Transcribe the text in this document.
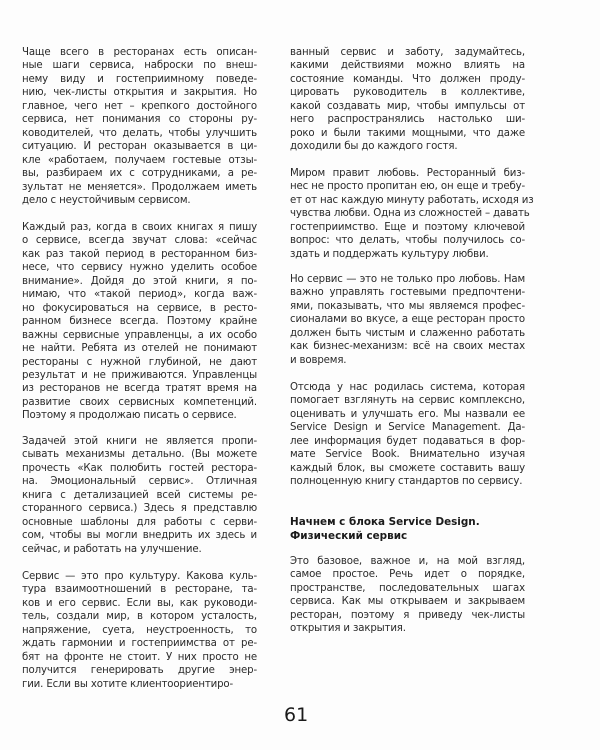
Чаще всего в ресторанах есть описан-
ные шаги сервиса, наброски по внеш-
нему виду и гостеприимному поведе-
нию, чек-листы открытия и закрытия. Но
главное, чего нет – крепкого достойного
сервиса, нет понимания со стороны ру-
ководителей, что делать, чтобы улучшить
ситуацию. И ресторан оказывается в ци-
кле «работаем, получаем гостевые отзы-
вы, разбираем их с сотрудниками, а ре-
зультат не меняется». Продолжаем иметь
дело с неустойчивым сервисом.
Каждый раз, когда в своих книгах я пишу
о сервисе, всегда звучат слова: «сейчас
как раз такой период в ресторанном биз-
несе, что сервису нужно уделить особое
внимание». Дойдя до этой книги, я по-
нимаю, что «такой период», когда важ-
но фокусироваться на сервисе, в ресто-
ранном бизнесе всегда. Поэтому крайне
важны сервисные управленцы, а их особо
не найти. Ребята из отелей не понимают
рестораны с нужной глубиной, не дают
результат и не приживаются. Управленцы
из ресторанов не всегда тратят время на
развитие своих сервисных компетенций.
Поэтому я продолжаю писать о сервисе.
Задачей этой книги не является пропи-
сывать механизмы детально. (Вы можете
прочесть «Как полюбить гостей рестора-
на. Эмоциональный сервис». Отличная
книга с детализацией всей системы ре-
сторанного сервиса.) Здесь я представлю
основные шаблоны для работы с серви-
сом, чтобы вы могли внедрить их здесь и
сейчас, и работать на улучшение.
Сервис — это про культуру. Какова куль-
тура взаимоотношений в ресторане, та-
ков и его сервис. Если вы, как руководи-
тель, создали мир, в котором усталость,
напряжение, суета, неустроенность, то
ждать гармонии и гостеприимства от ре-
бят на фронте не стоит. У них просто не
получится генерировать другие энер-
гии. Если вы хотите клиентоориентиро-
ванный сервис и заботу, задумайтесь,
какими действиями можно влиять на
состояние команды. Что должен проду-
цировать руководитель в коллективе,
какой создавать мир, чтобы импульсы от
него распространялись настолько ши-
роко и были такими мощными, что даже
доходили бы до каждого гостя.
Миром правит любовь. Ресторанный биз-
нес не просто пропитан ею, он еще и требу-
ет от нас каждую минуту работать, исходя из
чувства любви. Одна из сложностей – давать
гостеприимство. Еще и поэтому ключевой
вопрос: что делать, чтобы получилось со-
здать и поддержать культуру любви.
Но сервис — это не только про любовь. Нам
важно управлять гостевыми предпочтени-
ями, показывать, что мы являемся профес-
сионалами во вкусе, а еще ресторан просто
должен быть чистым и слаженно работать
как бизнес-механизм: всё на своих местах
и вовремя.
Отсюда у нас родилась система, которая
помогает взглянуть на сервис комплексно,
оценивать и улучшать его. Мы назвали ее
Service Design и Service Management. Да-
лее информация будет подаваться в фор-
мате Service Book. Внимательно изучая
каждый блок, вы сможете составить вашу
полноценную книгу стандартов по сервису.
Начнем с блока Service Design.
Физический сервис
Это базовое, важное и, на мой взгляд,
самое простое. Речь идет о порядке,
пространстве, последовательных шагах
сервиса. Как мы открываем и закрываем
ресторан, поэтому я приведу чек-листы
открытия и закрытия.
61
